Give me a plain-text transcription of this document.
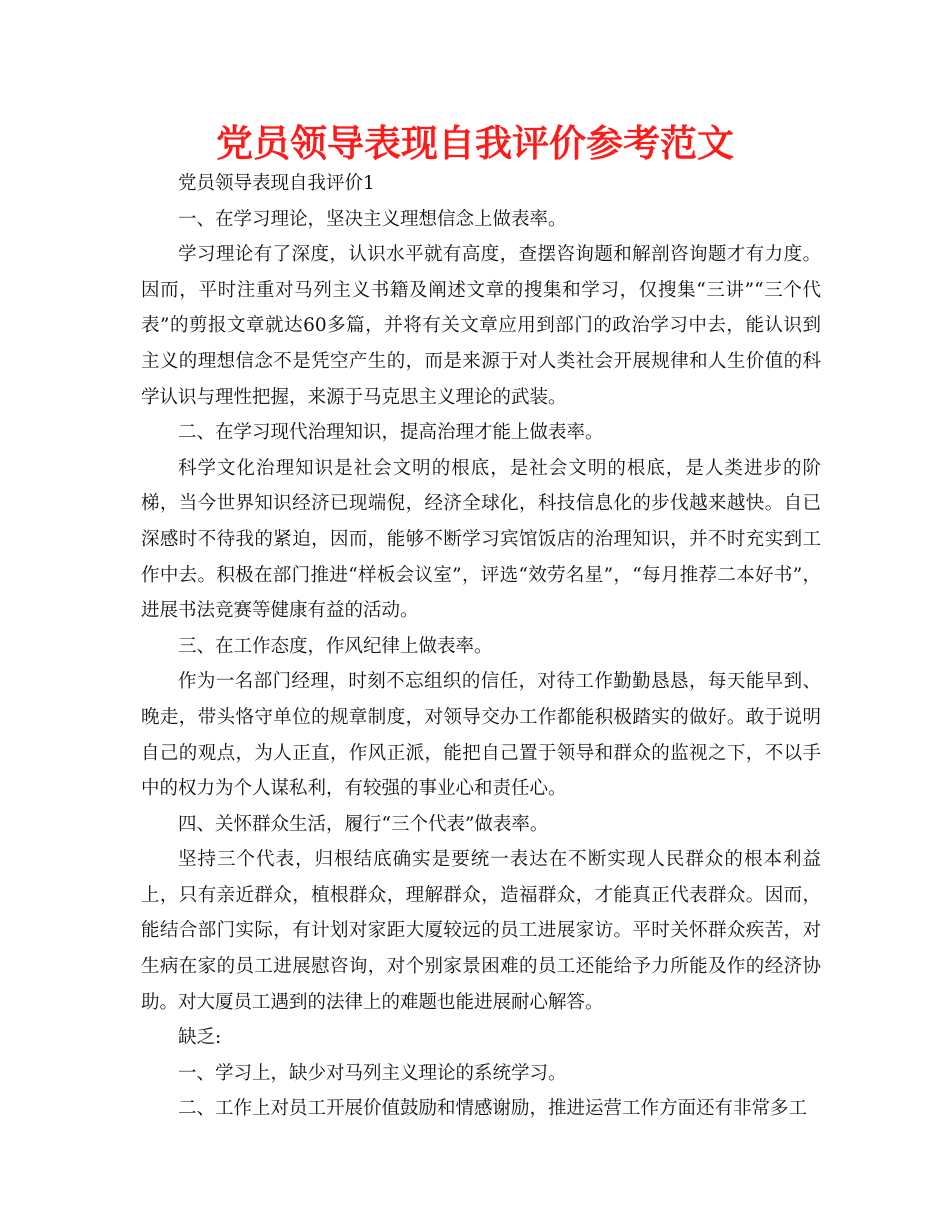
党员领导表现自我评价参考范文

党员领导表现自我评价1

一、在学习理论，坚决主义理想信念上做表率。

学习理论有了深度，认识水平就有高度，查摆咨询题和解剖咨询题才有力度。因而，平时注重对马列主义书籍及阐述文章的搜集和学习，仅搜集“三讲”“三个代表”的剪报文章就达60多篇，并将有关文章应用到部门的政治学习中去，能认识到主义的理想信念不是凭空产生的，而是来源于对人类社会开展规律和人生价值的科学认识与理性把握，来源于马克思主义理论的武装。

二、在学习现代治理知识，提高治理才能上做表率。

科学文化治理知识是社会文明的根底，是社会文明的根底，是人类进步的阶梯，当今世界知识经济已现端倪，经济全球化，科技信息化的步伐越来越快。自已深感时不待我的紧迫，因而，能够不断学习宾馆饭店的治理知识，并不时充实到工作中去。积极在部门推进“样板会议室”，评选“效劳名星”，“每月推荐二本好书”，进展书法竞赛等健康有益的活动。

三、在工作态度，作风纪律上做表率。

作为一名部门经理，时刻不忘组织的信任，对待工作勤勤恳恳，每天能早到、晚走，带头恪守单位的规章制度，对领导交办工作都能积极踏实的做好。敢于说明自己的观点，为人正直，作风正派，能把自己置于领导和群众的监视之下，不以手中的权力为个人谋私利，有较强的事业心和责任心。

四、关怀群众生活，履行“三个代表”做表率。

坚持三个代表，归根结底确实是要统一表达在不断实现人民群众的根本利益上，只有亲近群众，植根群众，理解群众，造福群众，才能真正代表群众。因而，能结合部门实际，有计划对家距大厦较远的员工进展家访。平时关怀群众疾苦，对生病在家的员工进展慰咨询，对个别家景困难的员工还能给予力所能及作的经济协助。对大厦员工遇到的法律上的难题也能进展耐心解答。

缺乏:

一、学习上，缺少对马列主义理论的系统学习。

二、工作上对员工开展价值鼓励和情感谢励，推进运营工作方面还有非常多工
